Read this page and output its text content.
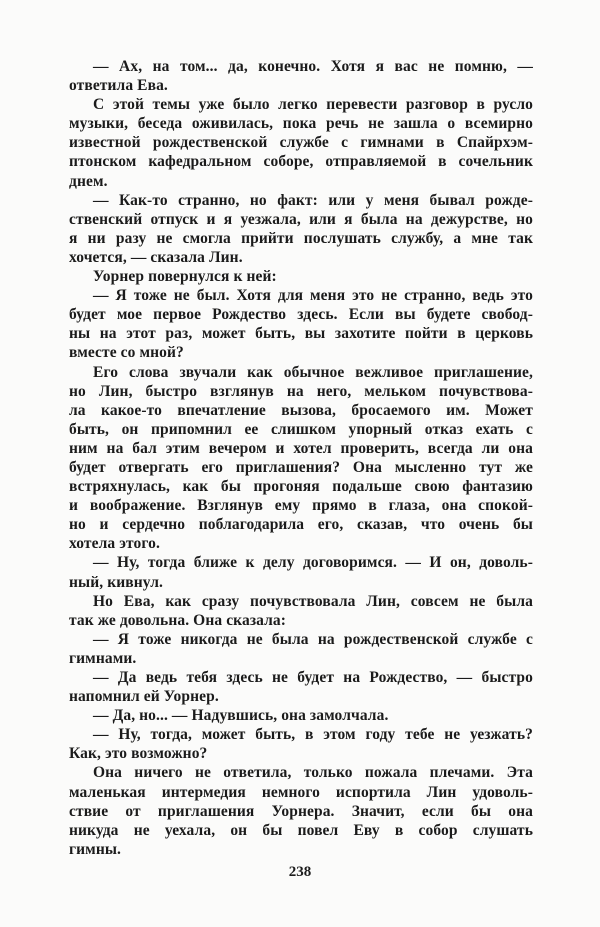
— Ах, на том... да, конечно. Хотя я вас не помню, —
ответила Ева.
С этой темы уже было легко перевести разговор в русло
музыки, беседа оживилась, пока речь не зашла о всемирно
известной рождественской службе с гимнами в Спайрхэм-
птонском кафедральном соборе, отправляемой в сочельник
днем.
— Как-то странно, но факт: или у меня бывал рожде-
ственский отпуск и я уезжала, или я была на дежурстве, но
я ни разу не смогла прийти послушать службу, а мне так
хочется, — сказала Лин.
Уорнер повернулся к ней:
— Я тоже не был. Хотя для меня это не странно, ведь это
будет мое первое Рождество здесь. Если вы будете свобод-
ны на этот раз, может быть, вы захотите пойти в церковь
вместе со мной?
Его слова звучали как обычное вежливое приглашение,
но Лин, быстро взглянув на него, мельком почувствова-
ла какое-то впечатление вызова, бросаемого им. Может
быть, он припомнил ее слишком упорный отказ ехать с
ним на бал этим вечером и хотел проверить, всегда ли она
будет отвергать его приглашения? Она мысленно тут же
встряхнулась, как бы прогоняя подальше свою фантазию
и воображение. Взглянув ему прямо в глаза, она спокой-
но и сердечно поблагодарила его, сказав, что очень бы
хотела этого.
— Ну, тогда ближе к делу договоримся. — И он, доволь-
ный, кивнул.
Но Ева, как сразу почувствовала Лин, совсем не была
так же довольна. Она сказала:
— Я тоже никогда не была на рождественской службе с
гимнами.
— Да ведь тебя здесь не будет на Рождество, — быстро
напомнил ей Уорнер.
— Да, но... — Надувшись, она замолчала.
— Ну, тогда, может быть, в этом году тебе не уезжать?
Как, это возможно?
Она ничего не ответила, только пожала плечами. Эта
маленькая интермедия немного испортила Лин удоволь-
ствие от приглашения Уорнера. Значит, если бы она
никуда не уехала, он бы повел Еву в собор слушать
гимны.
238
